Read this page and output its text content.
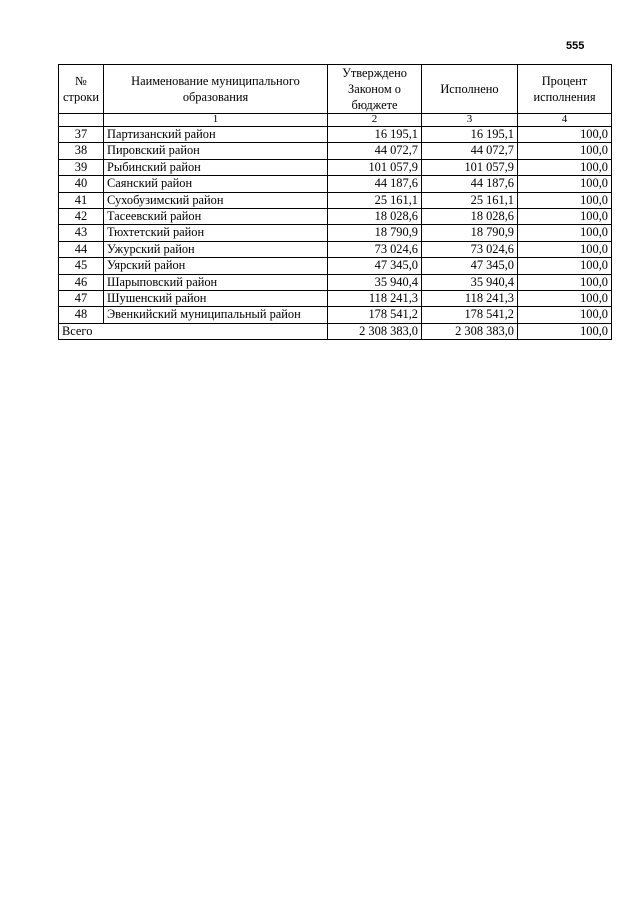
555
№ строки	Наименование муниципального образования	Утверждено Законом о бюджете	Исполнено	Процент исполнения
	1	2	3	4
37	Партизанский район	16 195,1	16 195,1	100,0
38	Пировский район	44 072,7	44 072,7	100,0
39	Рыбинский район	101 057,9	101 057,9	100,0
40	Саянский район	44 187,6	44 187,6	100,0
41	Сухобузимский район	25 161,1	25 161,1	100,0
42	Тасеевский район	18 028,6	18 028,6	100,0
43	Тюхтетский район	18 790,9	18 790,9	100,0
44	Ужурский район	73 024,6	73 024,6	100,0
45	Уярский район	47 345,0	47 345,0	100,0
46	Шарыповский район	35 940,4	35 940,4	100,0
47	Шушенский район	118 241,3	118 241,3	100,0
48	Эвенкийский муниципальный район	178 541,2	178 541,2	100,0
Всего		2 308 383,0	2 308 383,0	100,0
